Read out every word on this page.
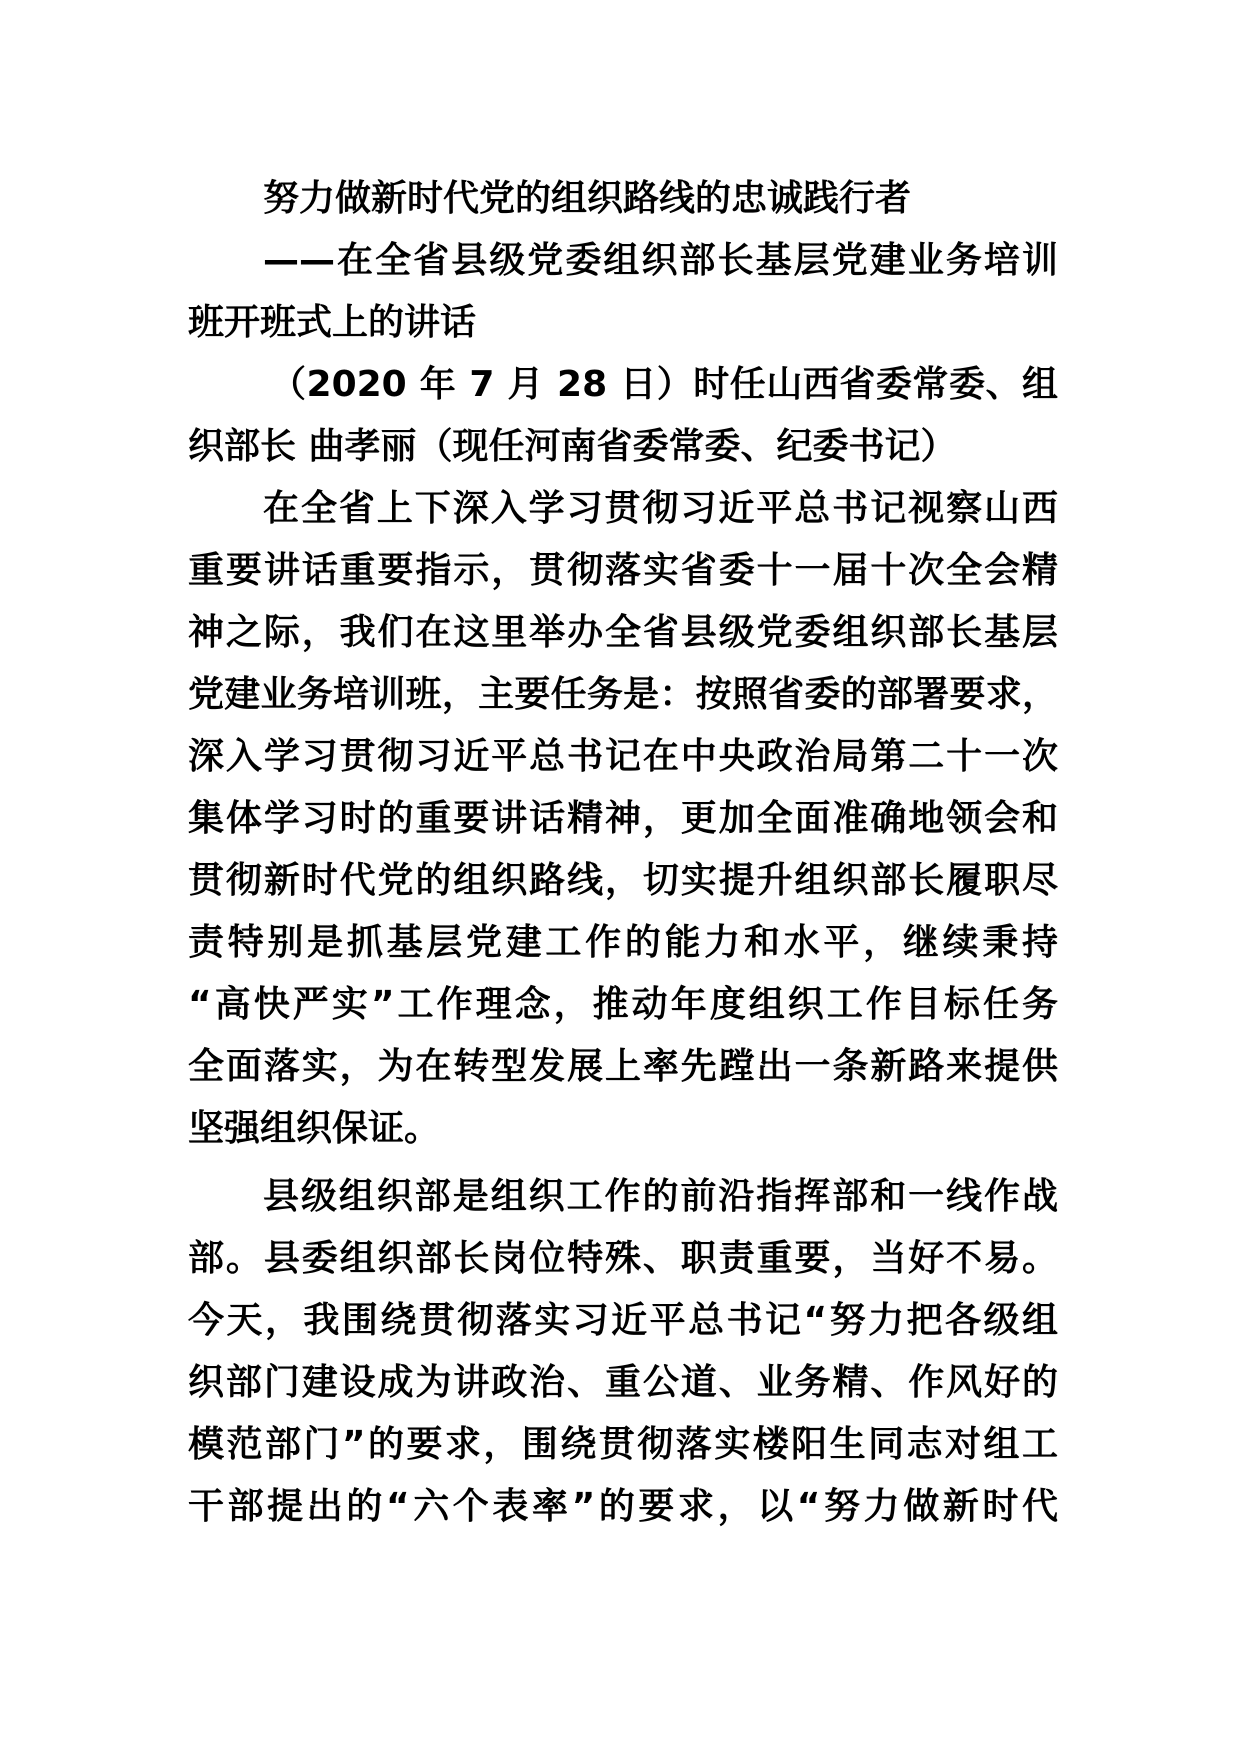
努力做新时代党的组织路线的忠诚践行者
——在全省县级党委组织部长基层党建业务培训
班开班式上的讲话
（2020 年 7 月 28 日）时任山西省委常委、组
织部长 曲孝丽（现任河南省委常委、纪委书记）
在全省上下深入学习贯彻习近平总书记视察山西
重要讲话重要指示，贯彻落实省委十一届十次全会精
神之际，我们在这里举办全省县级党委组织部长基层
党建业务培训班，主要任务是：按照省委的部署要求，
深入学习贯彻习近平总书记在中央政治局第二十一次
集体学习时的重要讲话精神，更加全面准确地领会和
贯彻新时代党的组织路线，切实提升组织部长履职尽
责特别是抓基层党建工作的能力和水平，继续秉持
“高快严实”工作理念，推动年度组织工作目标任务
全面落实，为在转型发展上率先蹚出一条新路来提供
坚强组织保证。
县级组织部是组织工作的前沿指挥部和一线作战
部。县委组织部长岗位特殊、职责重要，当好不易。
今天，我围绕贯彻落实习近平总书记“努力把各级组
织部门建设成为讲政治、重公道、业务精、作风好的
模范部门”的要求，围绕贯彻落实楼阳生同志对组工
干部提出的“六个表率”的要求，以“努力做新时代
